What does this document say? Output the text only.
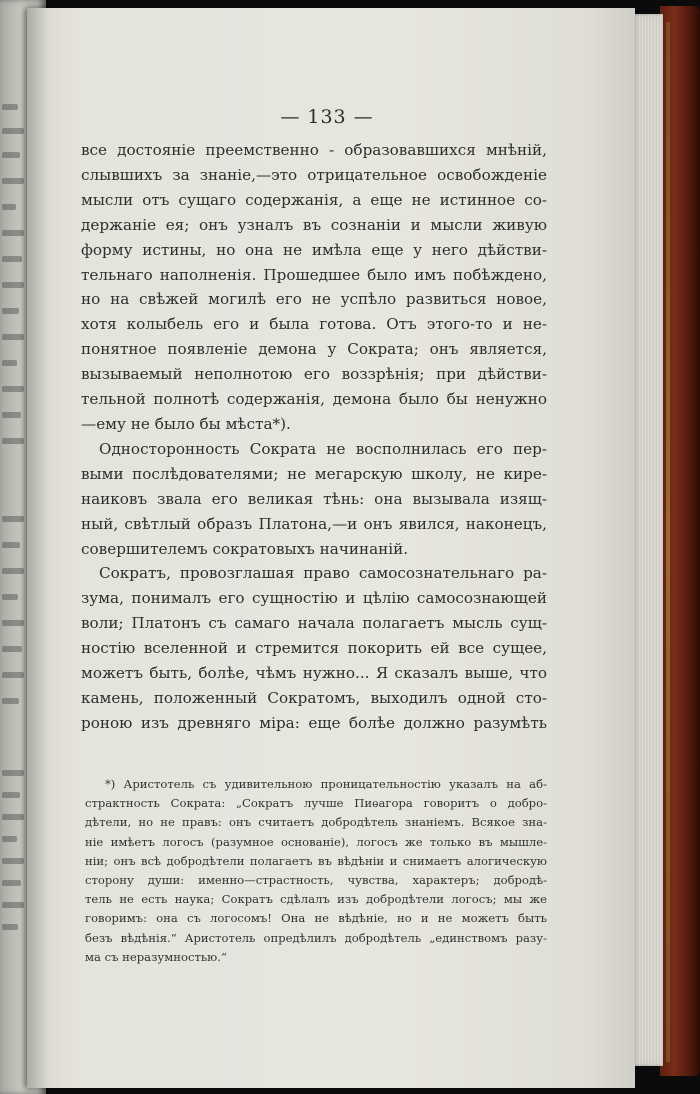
— 133 —

все достояніе преемственно - образовавшихся мнѣній,

слывшихъ за знаніе,—это отрицательное освобожденіе

мысли отъ сущаго содержанія, а еще не истинное со-

держаніе ея; онъ узналъ въ сознаніи и мысли живую

форму истины, но она не имѣла еще у него дѣйстви-

тельнаго наполненія. Прошедшее было имъ побѣждено,

но на свѣжей могилѣ его не успѣло развиться новое,

хотя колыбель его и была готова. Отъ этого-то и не-

понятное появленіе демона у Сократа; онъ является,

вызываемый неполнотою его воззрѣнія; при дѣйстви-

тельной полнотѣ содержанія, демона было бы ненужно

—ему не было бы мѣста*).

Односторонность Сократа не восполнилась его пер-

выми послѣдователями; не мегарскую школу, не кире-

наиковъ звала его великая тѣнь: она вызывала изящ-

ный, свѣтлый образъ Платона,—и онъ явился, наконецъ,

совершителемъ сократовыхъ начинаній.

Сократъ, провозглашая право самосознательнаго ра-

зума, понималъ его сущностію и цѣлію самосознающей

воли; Платонъ съ самаго начала полагаетъ мысль сущ-

ностію вселенной и стремится покорить ей все сущее,

можетъ быть, болѣе, чѣмъ нужно... Я сказалъ выше, что

камень, положенный Сократомъ, выходилъ одной сто-

роною изъ древняго міра: еще болѣе должно разумѣть

*) Аристотель съ удивительною проницательностію указалъ на аб-

страктность Сократа: „Сократъ лучше Пиѳагора говоритъ о добро-

дѣтели, но не правъ: онъ считаетъ добродѣтель знаніемъ. Всякое зна-

ніе имѣетъ логосъ (разумное основаніе), логосъ же только въ мышле-

ніи; онъ всѣ добродѣтели полагаетъ въ вѣдѣніи и снимаетъ алогическую

сторону души: именно—страстность, чувства, характеръ; добродѣ-

тель не есть наука; Сократъ сдѣлалъ изъ добродѣтели логосъ; мы же

говоримъ: она съ логосомъ! Она не вѣдѣніе, но и не можетъ быть

безъ вѣдѣнія.“ Аристотель опредѣлилъ добродѣтель „единствомъ разу-

ма съ неразумностью.“
